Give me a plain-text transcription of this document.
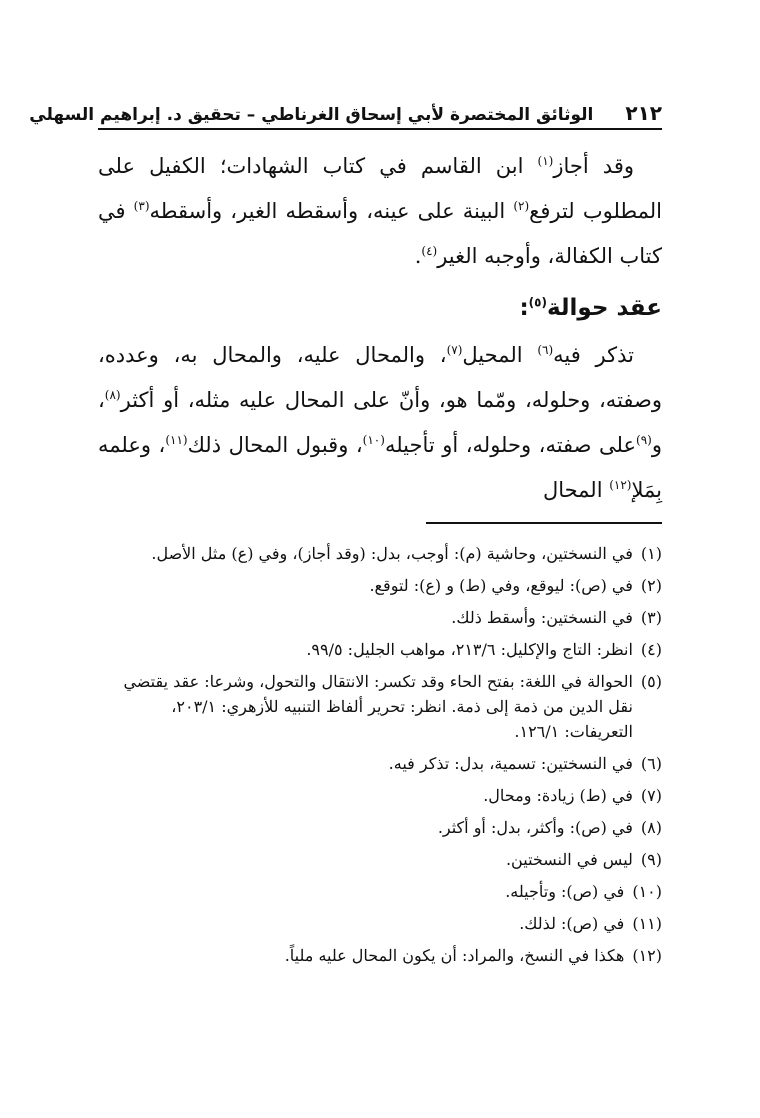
٢١٢
الوثائق المختصرة لأبي إسحاق الغرناطي – تحقيق د. إبراهيم السهلي

وقد أجاز$^{(١)}$ ابن القاسم في كتاب الشهادات؛ الكفيل على المطلوب لترفع$^{(٢)}$ البينة على عينه، وأسقطه الغير، وأسقطه$^{(٣)}$ في كتاب الكفالة، وأوجبه الغير$^{(٤)}$.

عقد حوالة$^{(٥)}$:

تذكر فيه$^{(٦)}$ المحيل$^{(٧)}$، والمحال عليه، والمحال به، وعدده، وصفته، وحلوله، ومّما هو، وأنّ على المحال عليه مثله، أو أكثر$^{(٨)}$، و$^{(٩)}$على صفته، وحلوله، أو تأجيله$^{(١٠)}$، وقبول المحال ذلك$^{(١١)}$، وعلمه بِمَلإ$^{(١٢)}$ المحال

(١)
في النسختين، وحاشية (م): أوجب، بدل: (وقد أجاز)، وفي (ع) مثل الأصل.
(٢)
في (ص): ليوقع، وفي (ط) و (ع): لتوقع.
(٣)
في النسختين: وأسقط ذلك.
(٤)
انظر: التاج والإكليل: ٢١٣/٦، مواهب الجليل: ٩٩/٥.
(٥)
الحوالة في اللغة: بفتح الحاء وقد تكسر: الانتقال والتحول، وشرعا: عقد يقتضي نقل الدين من ذمة إلى ذمة. انظر: تحرير ألفاظ التنبيه للأزهري: ٢٠٣/١، التعريفات: ١٢٦/١.
(٦)
في النسختين: تسمية، بدل: تذكر فيه.
(٧)
في (ط) زيادة: ومحال.
(٨)
في (ص): وأكثر، بدل: أو أكثر.
(٩)
ليس في النسختين.
(١٠)
في (ص): وتأجيله.
(١١)
في (ص): لذلك.
(١٢)
هكذا في النسخ، والمراد: أن يكون المحال عليه ملياً.
